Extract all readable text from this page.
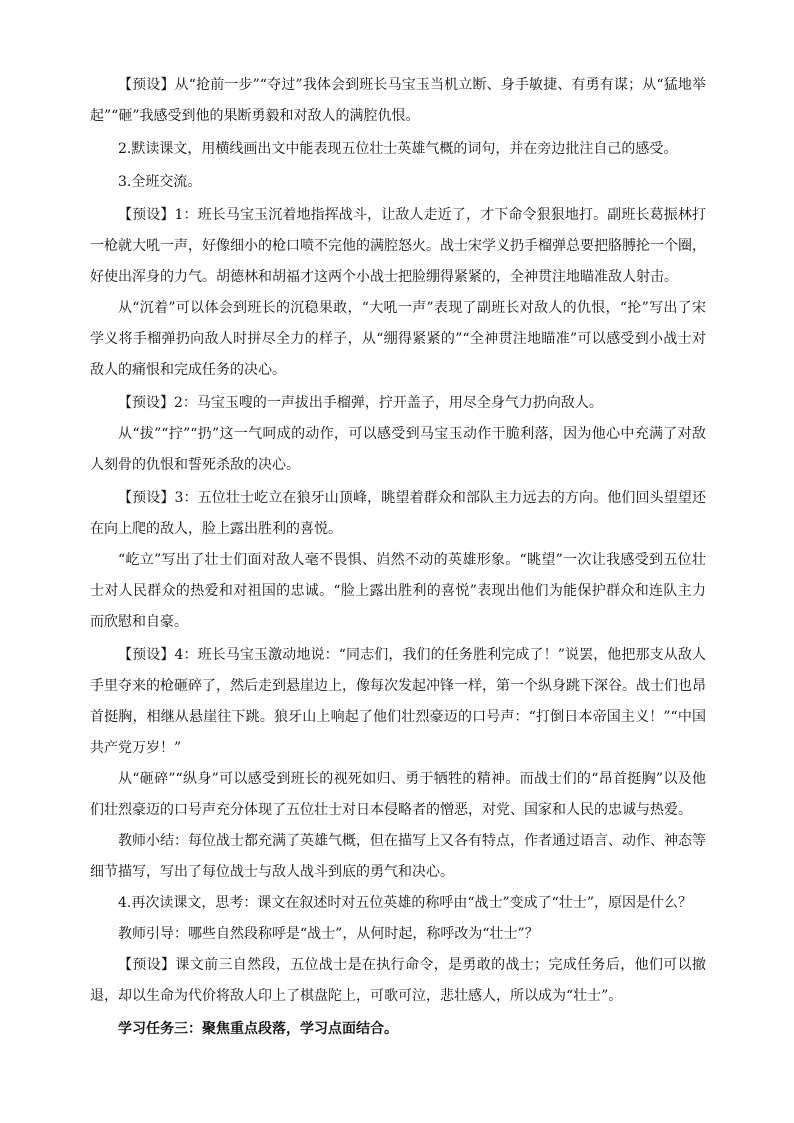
【预设】从“抢前一步”“夺过”我体会到班长马宝玉当机立断、身手敏捷、有勇有谋；从“猛地举起”“砸”我感受到他的果断勇毅和对敌人的满腔仇恨。

2.默读课文，用横线画出文中能表现五位壮士英雄气概的词句，并在旁边批注自己的感受。

3.全班交流。

【预设】1：班长马宝玉沉着地指挥战斗，让敌人走近了，才下命令狠狠地打。副班长葛振林打一枪就大吼一声，好像细小的枪口喷不完他的满腔怒火。战士宋学义扔手榴弹总要把胳膊抡一个圈，好使出浑身的力气。胡德林和胡福才这两个小战士把脸绷得紧紧的，全神贯注地瞄准敌人射击。

从“沉着”可以体会到班长的沉稳果敢，“大吼一声”表现了副班长对敌人的仇恨，“抡”写出了宋学义将手榴弹扔向敌人时拼尽全力的样子，从“绷得紧紧的”“全神贯注地瞄准”可以感受到小战士对敌人的痛恨和完成任务的决心。

【预设】2：马宝玉嗖的一声拔出手榴弹，拧开盖子，用尽全身气力扔向敌人。

从“拔”“拧”“扔”这一气呵成的动作，可以感受到马宝玉动作干脆利落，因为他心中充满了对敌人刻骨的仇恨和誓死杀敌的决心。

【预设】3：五位壮士屹立在狼牙山顶峰，眺望着群众和部队主力远去的方向。他们回头望望还在向上爬的敌人，脸上露出胜利的喜悦。

“屹立”写出了壮士们面对敌人毫不畏惧、岿然不动的英雄形象。“眺望”一次让我感受到五位壮士对人民群众的热爱和对祖国的忠诚。“脸上露出胜利的喜悦”表现出他们为能保护群众和连队主力而欣慰和自豪。

【预设】4：班长马宝玉激动地说：“同志们，我们的任务胜利完成了！”说罢，他把那支从敌人手里夺来的枪砸碎了，然后走到悬崖边上，像每次发起冲锋一样，第一个纵身跳下深谷。战士们也昂首挺胸，相继从悬崖往下跳。狼牙山上响起了他们壮烈豪迈的口号声：“打倒日本帝国主义！”“中国共产党万岁！”

从“砸碎”“纵身”可以感受到班长的视死如归、勇于牺牲的精神。而战士们的“昂首挺胸”以及他们壮烈豪迈的口号声充分体现了五位壮士对日本侵略者的憎恶，对党、国家和人民的忠诚与热爱。

教师小结：每位战士都充满了英雄气概，但在描写上又各有特点，作者通过语言、动作、神态等细节描写，写出了每位战士与敌人战斗到底的勇气和决心。

4.再次读课文，思考：课文在叙述时对五位英雄的称呼由“战士”变成了“壮士”，原因是什么？

教师引导：哪些自然段称呼是“战士”，从何时起，称呼改为“壮士”？

【预设】课文前三自然段，五位战士是在执行命令，是勇敢的战士；完成任务后，他们可以撤退，却以生命为代价将敌人印上了棋盘陀上，可歌可泣，悲壮感人，所以成为“壮士”。

学习任务三：聚焦重点段落，学习点面结合。
